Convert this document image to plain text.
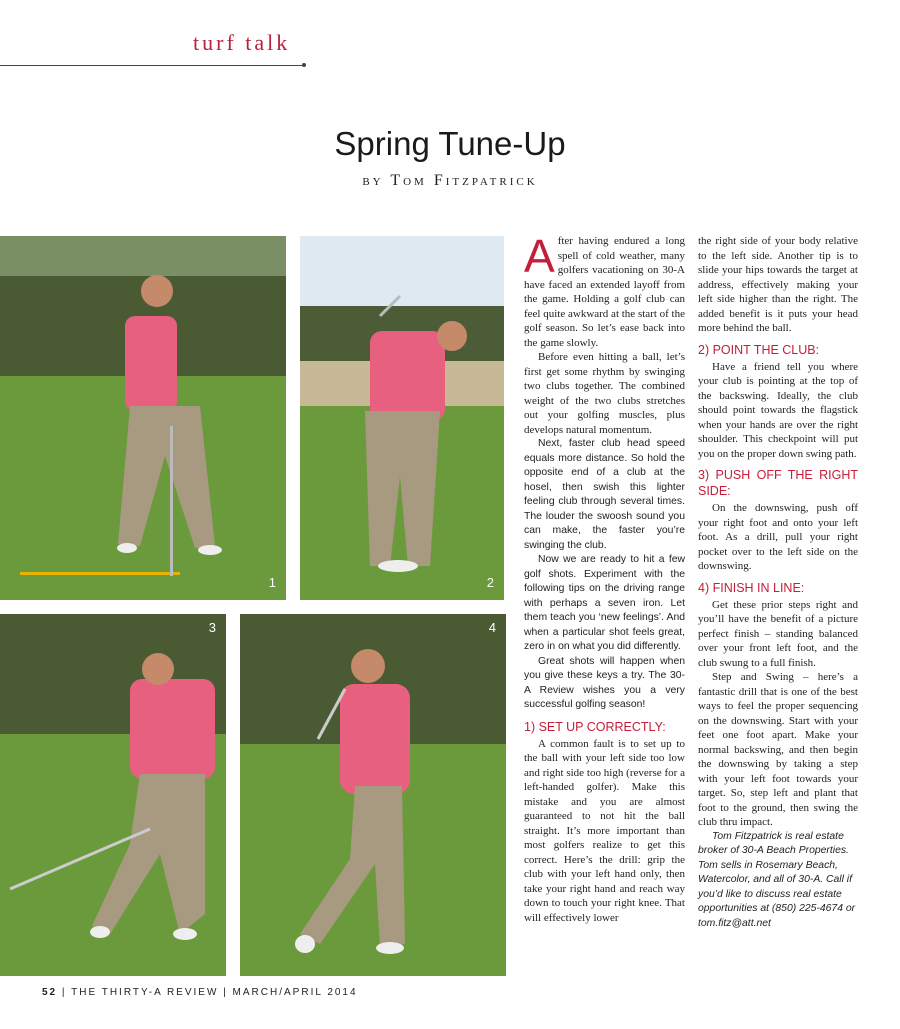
turf talk
Spring Tune-Up
by Tom Fitzpatrick
1	2
3	4

After having endured a long spell of cold weather, many golfers vacationing on 30-A have faced an extended layoff from the game. Holding a golf club can feel quite awkward at the start of the golf season. So let’s ease back into the game slowly.

Before even hitting a ball, let’s first get some rhythm by swinging two clubs together. The combined weight of the two clubs stretches out your golfing muscles, plus develops natural momentum.

Next, faster club head speed equals more distance. So hold the opposite end of a club at the hosel, then swish this lighter feeling club through several times. The louder the swoosh sound you can make, the faster you’re swinging the club.

Now we are ready to hit a few golf shots. Experiment with the following tips on the driving range with perhaps a seven iron. Let them teach you ‘new feelings’. And when a particular shot feels great, zero in on what you did differently.

Great shots will happen when you give these keys a try. The 30-A Review wishes you a very successful golfing season!

1) SET UP CORRECTLY:

A common fault is to set up to the ball with your left side too low and right side too high (reverse for a left-handed golfer). Make this mistake and you are almost guaranteed to not hit the ball straight. It’s more important than most golfers realize to get this correct. Here’s the drill: grip the club with your left hand only, then take your right hand and reach way down to touch your right knee. That will effectively lower

the right side of your body relative to the left side. Another tip is to slide your hips towards the target at address, effectively making your left side higher than the right. The added benefit is it puts your head more behind the ball.

2) POINT THE CLUB:

Have a friend tell you where your club is pointing at the top of the backswing. Ideally, the club should point towards the flagstick when your hands are over the right shoulder. This checkpoint will put you on the proper down swing path.

3) PUSH OFF THE RIGHT SIDE:

On the downswing, push off your right foot and onto your left foot. As a drill, pull your right pocket over to the left side on the downswing.

4) FINISH IN LINE:

Get these prior steps right and you’ll have the benefit of a picture perfect finish – standing balanced over your front left foot, and the club swung to a full finish.

Step and Swing – here’s a fantastic drill that is one of the best ways to feel the proper sequencing on the downswing. Start with your feet one foot apart. Make your normal backswing, and then begin the downswing by taking a step with your left foot towards your target. So, step left and plant that foot to the ground, then swing the club thru impact.

Tom Fitzpatrick is real estate broker of 30-A Beach Properties. Tom sells in Rosemary Beach, Watercolor, and all of 30-A. Call if you’d like to discuss real estate opportunities at (850) 225-4674 or tom.fitz@att.net

52 | THE THIRTY-A REVIEW | MARCH/APRIL 2014
